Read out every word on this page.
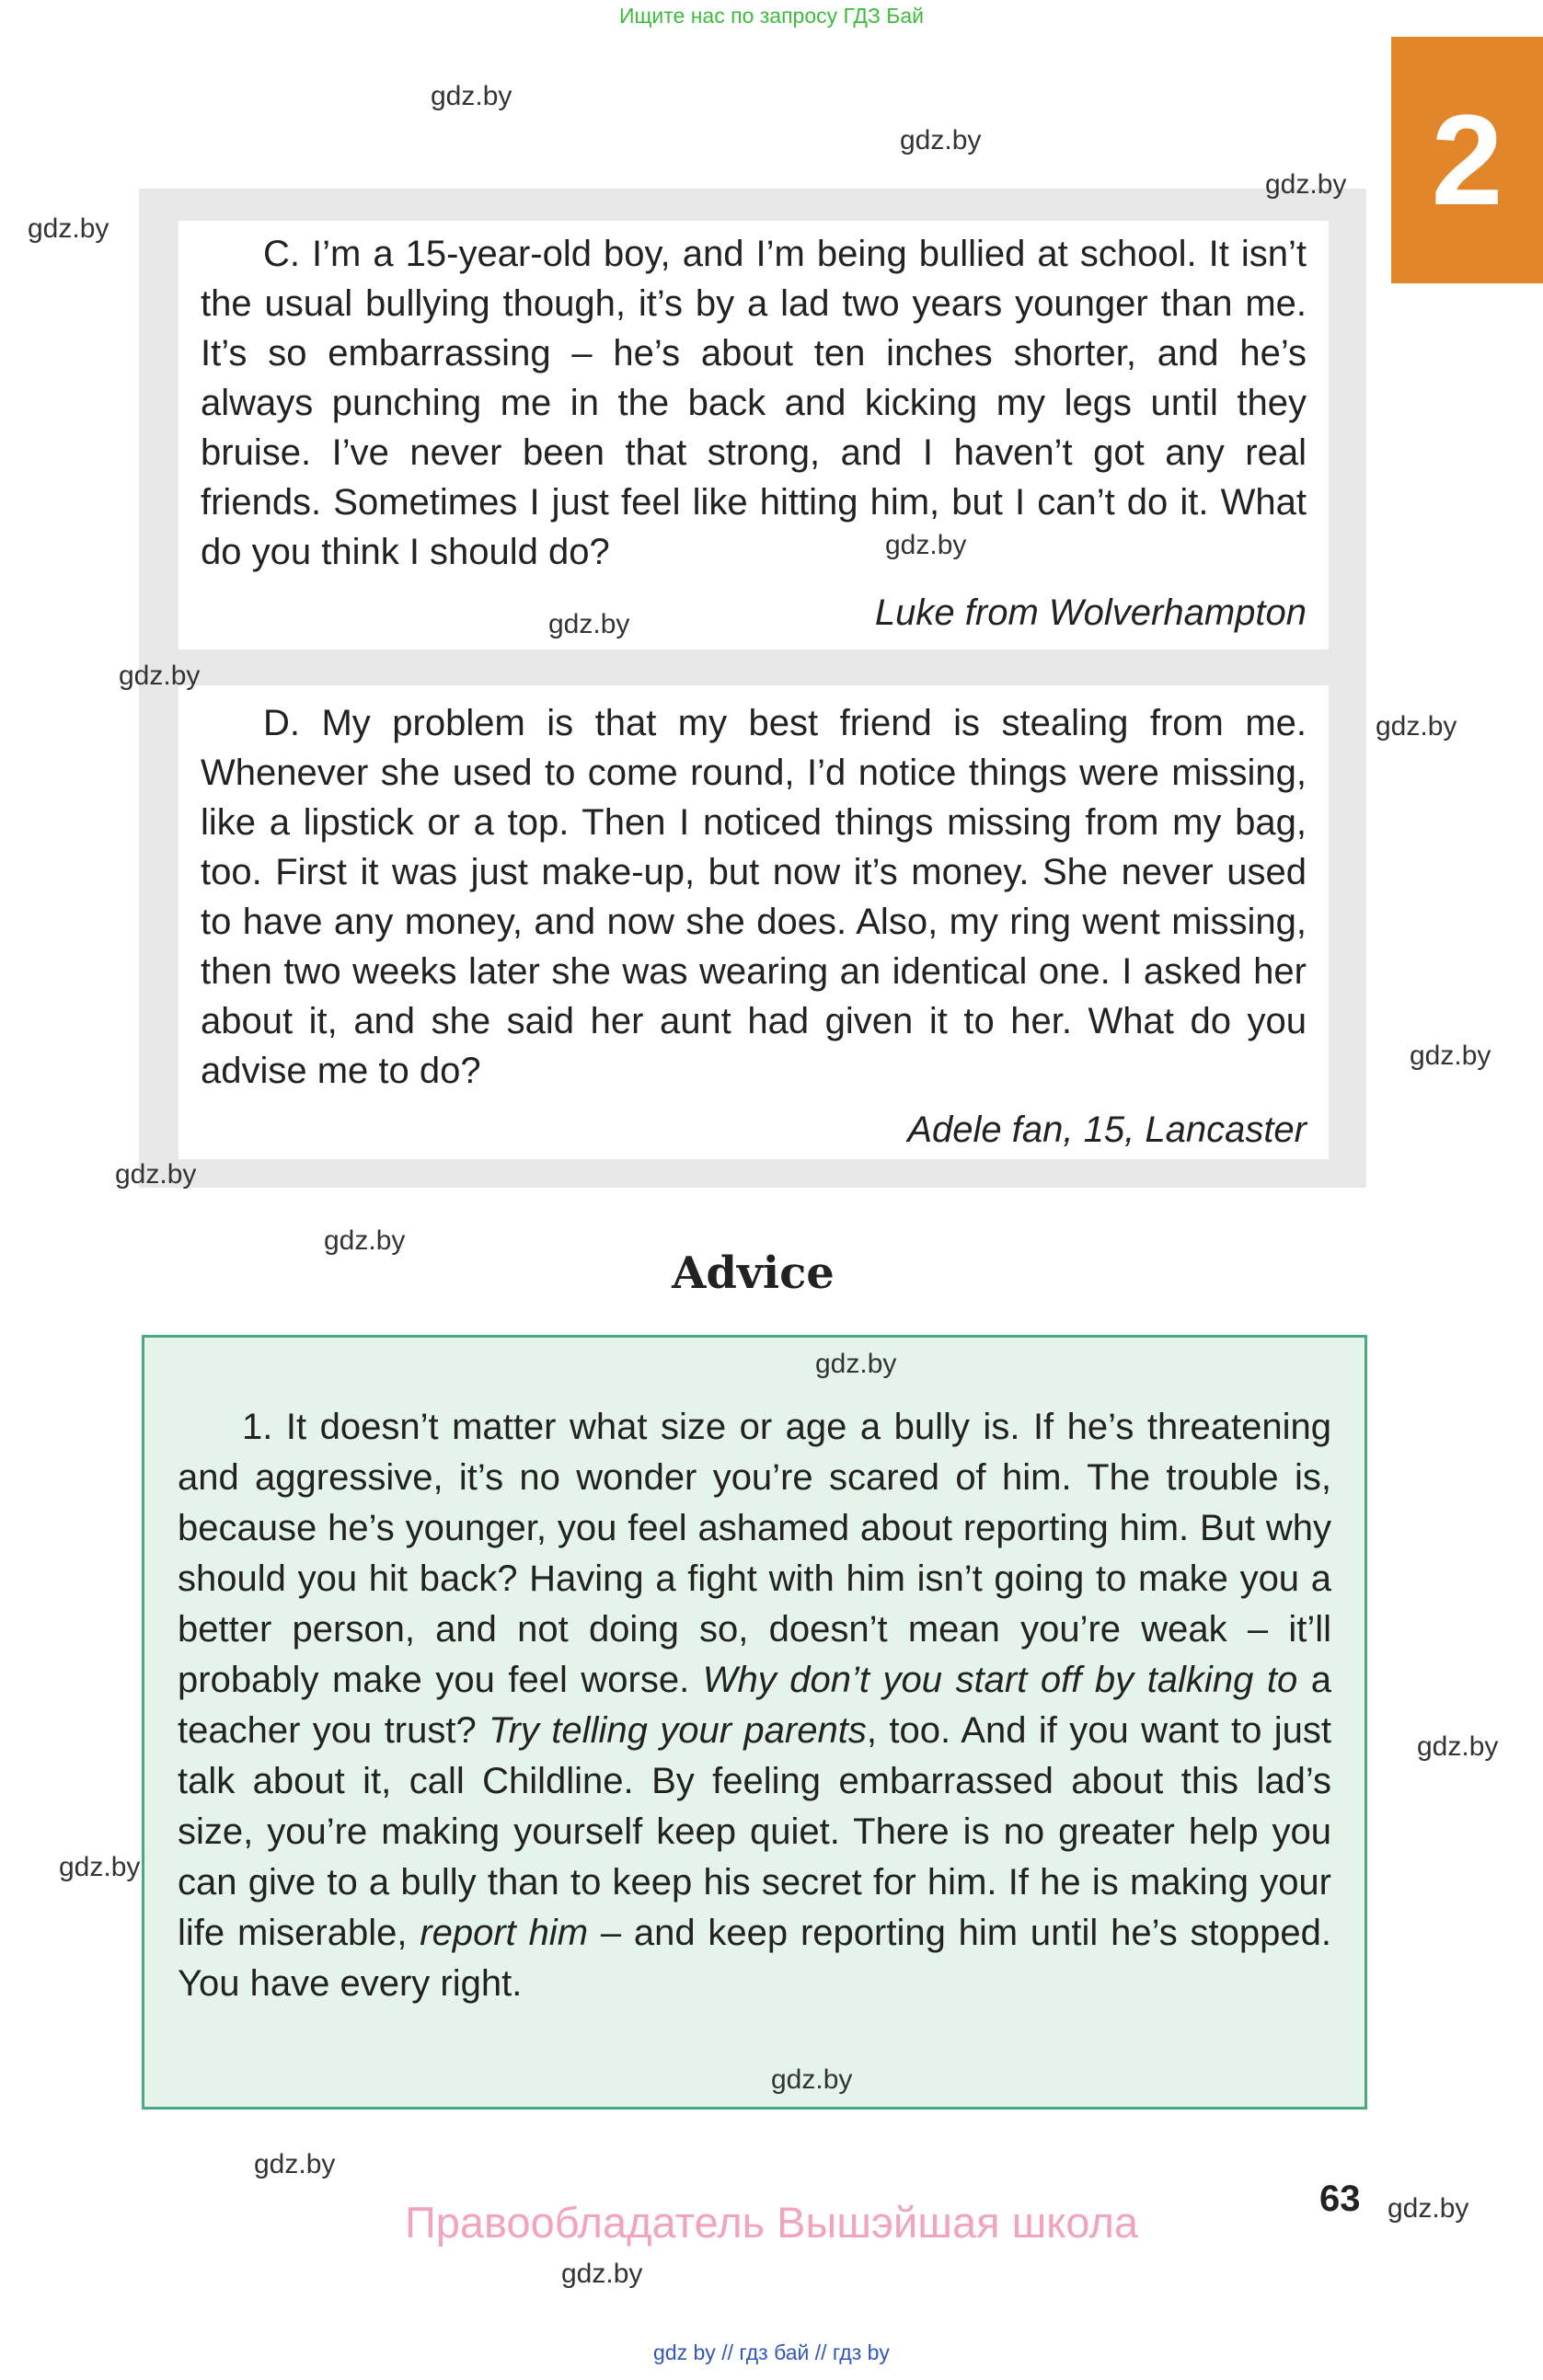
Ищите нас по запросу ГДЗ Бай
2

C. I’m a 15-year-old boy, and I’m being bullied at school. It isn’t the usual bullying though, it’s by a lad two years younger than me. It’s so embarrassing – he’s about ten inches shorter, and he’s always punching me in the back and kicking my legs until they bruise. I’ve never been that strong, and I haven’t got any real friends. Sometimes I just feel like hitting him, but I can’t do it. What do you think I should do?

Luke from Wolverhampton

D. My problem is that my best friend is stealing from me. Whenever she used to come round, I’d notice things were missing, like a lipstick or a top. Then I noticed things missing from my bag, too. First it was just make-up, but now it’s money. She never used to have any money, and now she does. Also, my ring went missing, then two weeks later she was wearing an identical one. I asked her about it, and she said her aunt had given it to her. What do you advise me to do?

Adele fan, 15, Lancaster
Advice

1. It doesn’t matter what size or age a bully is. If he’s threatening and aggressive, it’s no wonder you’re scared of him. The trouble is, because he’s younger, you feel ashamed about reporting him. But why should you hit back? Having a fight with him isn’t going to make you a better person, and not doing so, doesn’t mean you’re weak – it’ll probably make you feel worse. Why don’t you start off by talking to a teacher you trust? Try telling your parents, too. And if you want to just talk about it, call Childline. By feeling embarrassed about this lad’s size, you’re making yourself keep quiet. There is no greater help you can give to a bully than to keep his secret for him. If he is making your life miserable, report him – and keep reporting him until he’s stopped. You have every right.

gdz.by
gdz.by
gdz.by
gdz.by
gdz.by
gdz.by
gdz.by
gdz.by
gdz.by
gdz.by
gdz.by
gdz.by
gdz.by
gdz.by
gdz.by
gdz.by
gdz.by
gdz.by
Правообладатель Вышэйшая школа	63
gdz by // гдз бай // гдз by
